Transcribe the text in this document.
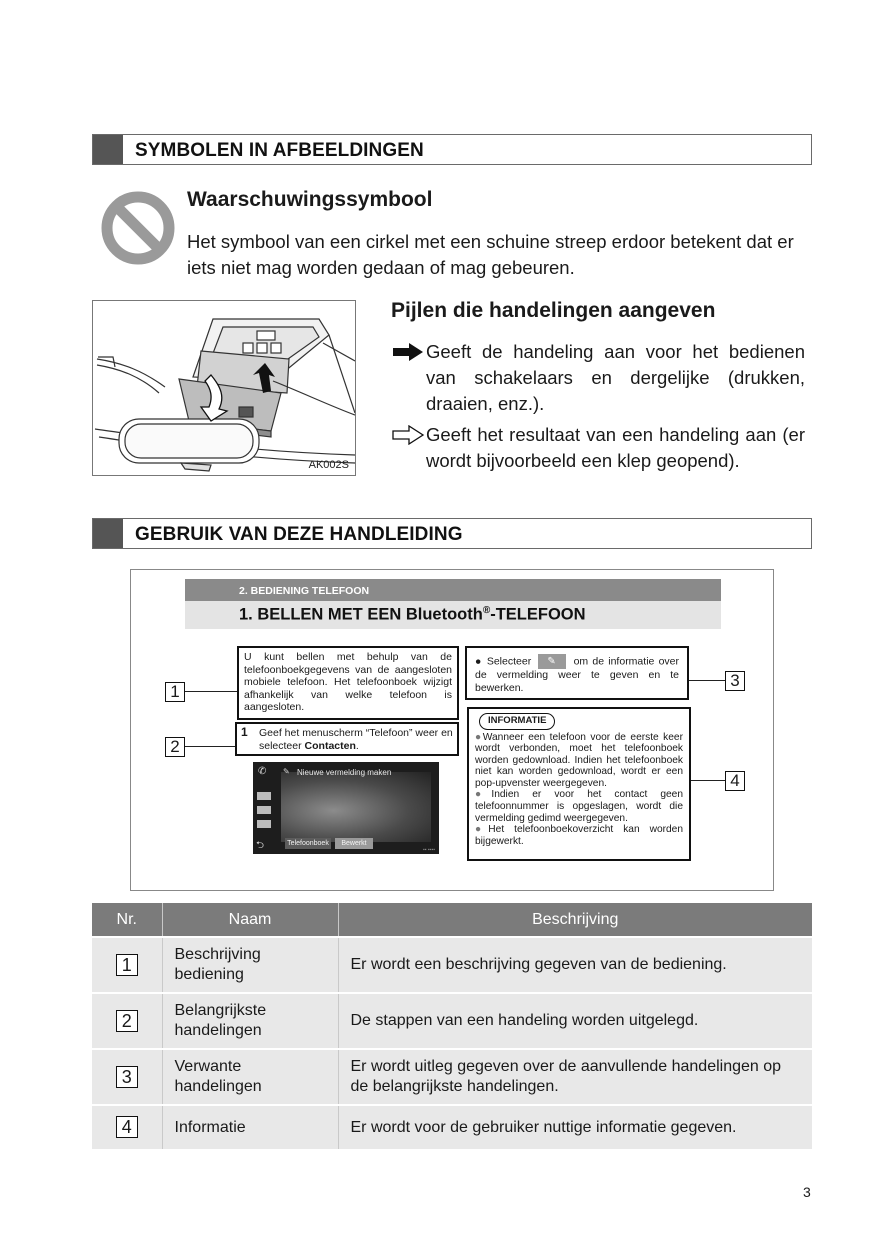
SYMBOLEN IN AFBEELDINGEN
Waarschuwingssymbool
Het symbool van een cirkel met een schuine streep erdoor betekent dat er iets niet mag worden gedaan of mag gebeuren.
AK002S
Pijlen die handelingen aangeven
Geeft de handeling aan voor het bedienen van schakelaars en dergelijke (drukken, draaien, enz.).
Geeft het resultaat van een handeling aan (er wordt bijvoorbeeld een klep geopend).
GEBRUIK VAN DEZE HANDLEIDING
2. BEDIENING TELEFOON
1. BELLEN MET EEN Bluetooth®-TELEFOON
U kunt bellen met behulp van de telefoonboekgegevens van de aangesloten mobiele telefoon. Het telefoonboek wijzigt afhankelijk van welke telefoon is aangesloten.
1 Geef het menuscherm “Telefoon” weer en selecteer Contacten.
● Selecteer ✎ om de informatie over de vermelding weer te geven en te bewerken.
INFORMATIE

●Wanneer een telefoon voor de eerste keer wordt verbonden, moet het telefoonboek worden gedownload. Indien het telefoonboek niet kan worden gedownload, wordt er een pop-upvenster weergegeven.

●Indien er voor het contact geen telefoonnummer is opgeslagen, wordt die vermelding gedimd weergegeven.

●Het telefoonboekoverzicht kan worden bijgewerkt.

Nieuwe vermelding maken
✎
✆
⮌	Telefoonboek	Bewerkt
▪▪ ▪▪▪▪
1
2
3
4
Nr.	Naam	Beschrijving
1	Beschrijving bediening	Er wordt een beschrijving gegeven van de bediening.
2	Belangrijkste handelingen	De stappen van een handeling worden uitgelegd.
3	Verwante handelingen	Er wordt uitleg gegeven over de aanvullende handelingen op de belangrijkste handelingen.
4	Informatie	Er wordt voor de gebruiker nuttige informatie gegeven.
3
